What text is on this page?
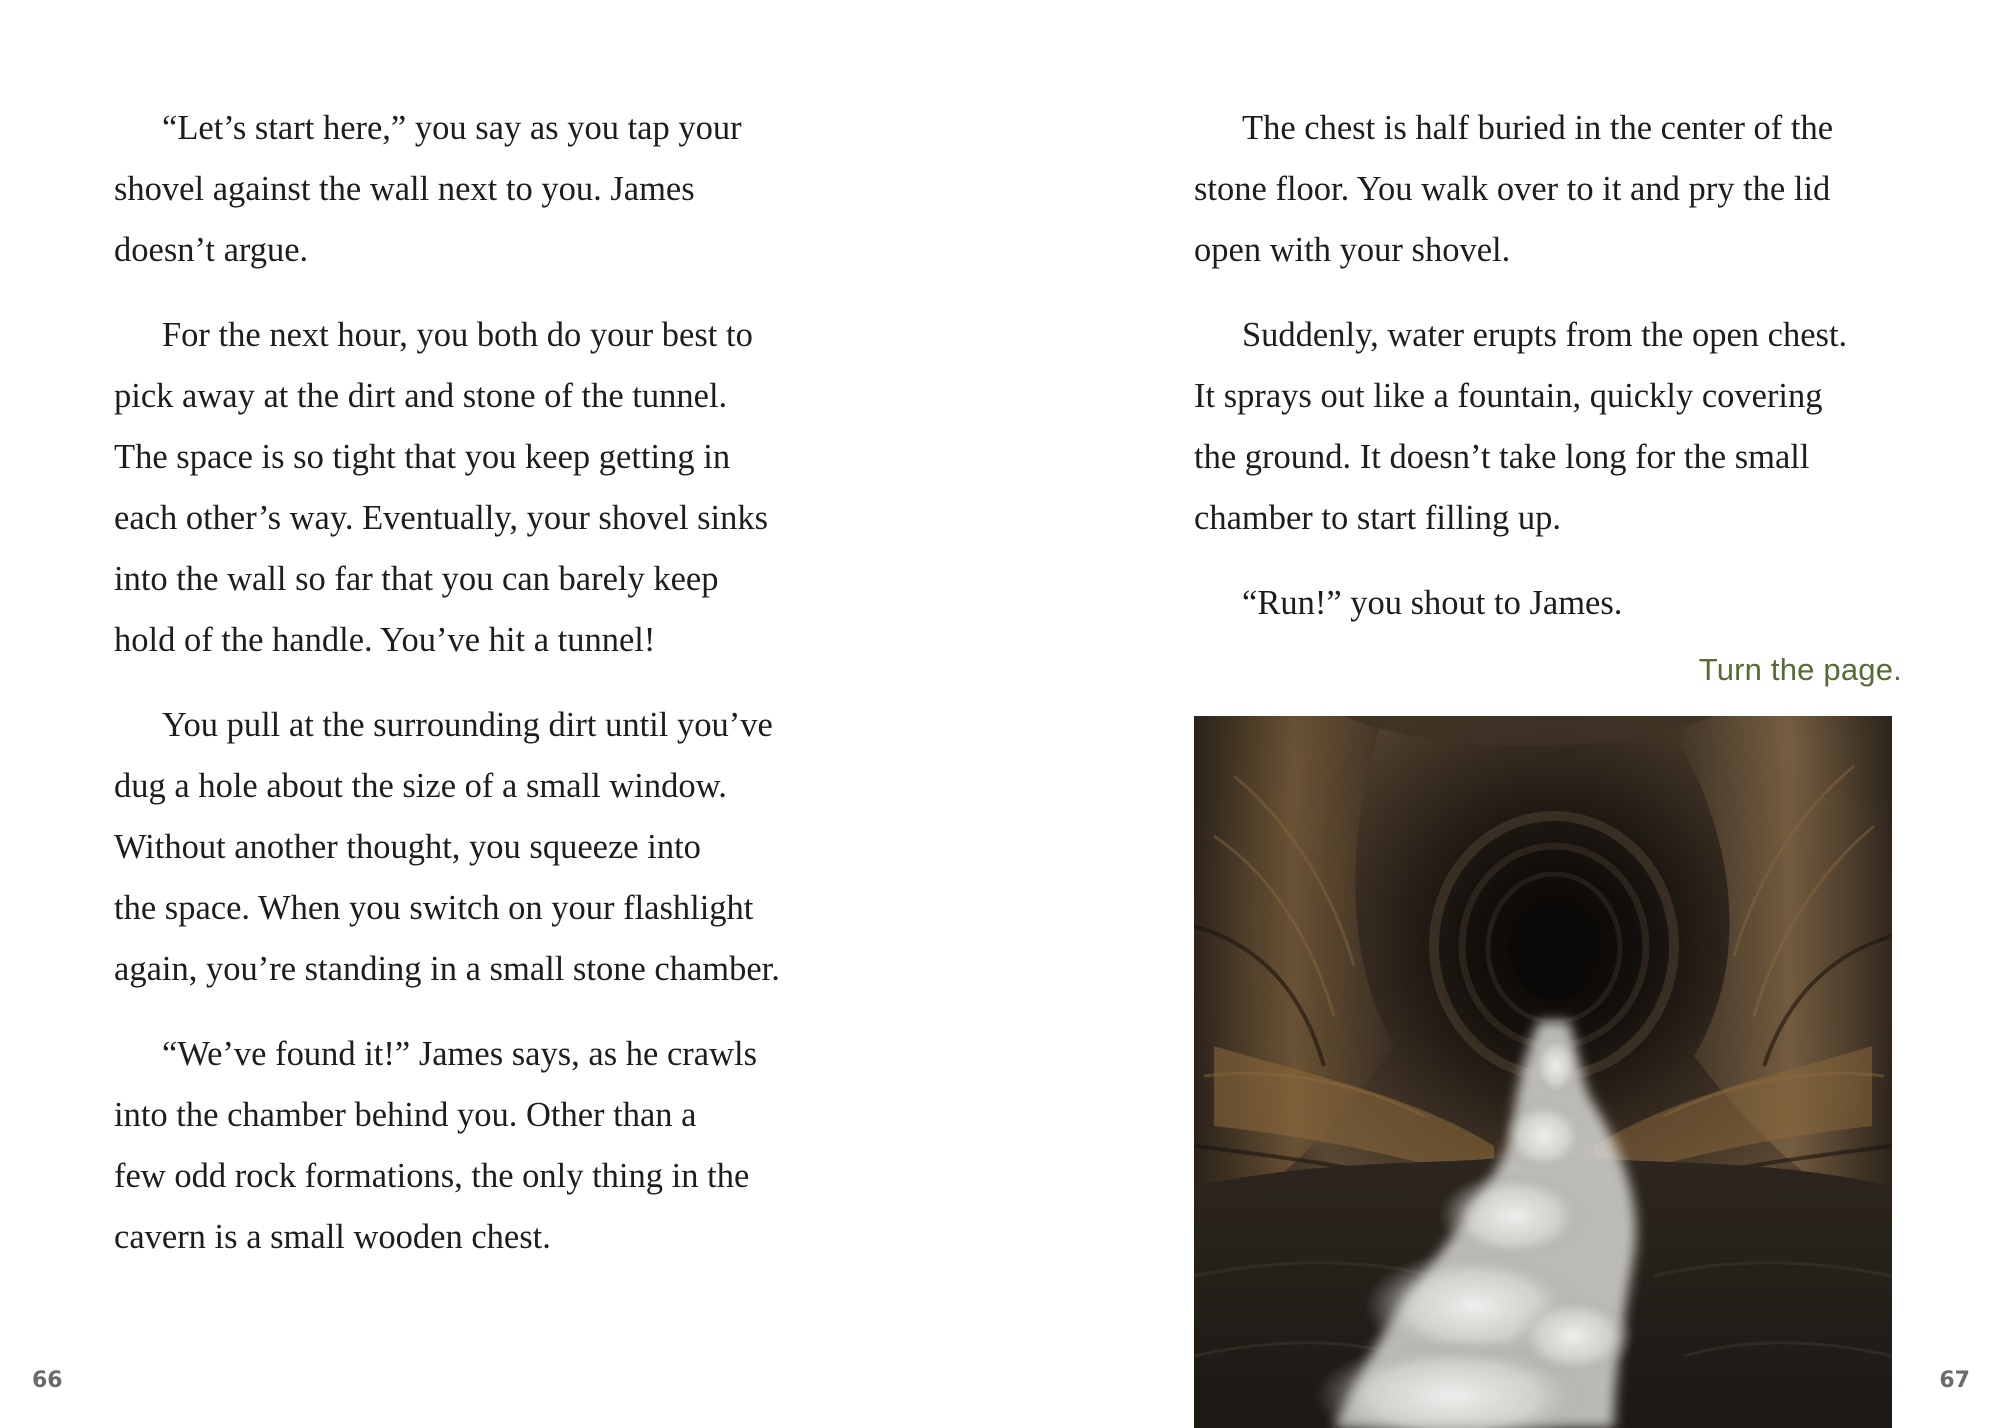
“Let’s start here,” you say as you tap your
shovel against the wall next to you. James
doesn’t argue.

For the next hour, you both do your best to
pick away at the dirt and stone of the tunnel.
The space is so tight that you keep getting in
each other’s way. Eventually, your shovel sinks
into the wall so far that you can barely keep
hold of the handle. You’ve hit a tunnel!

You pull at the surrounding dirt until you’ve
dug a hole about the size of a small window.
Without another thought, you squeeze into
the space. When you switch on your flashlight
again, you’re standing in a small stone chamber.

“We’ve found it!” James says, as he crawls
into the chamber behind you. Other than a
few odd rock formations, the only thing in the
cavern is a small wooden chest.

66

The chest is half buried in the center of the
stone floor. You walk over to it and pry the lid
open with your shovel.

Suddenly, water erupts from the open chest.
It sprays out like a fountain, quickly covering
the ground. It doesn’t take long for the small
chamber to start filling up.

“Run!” you shout to James.

Turn the page.
67
